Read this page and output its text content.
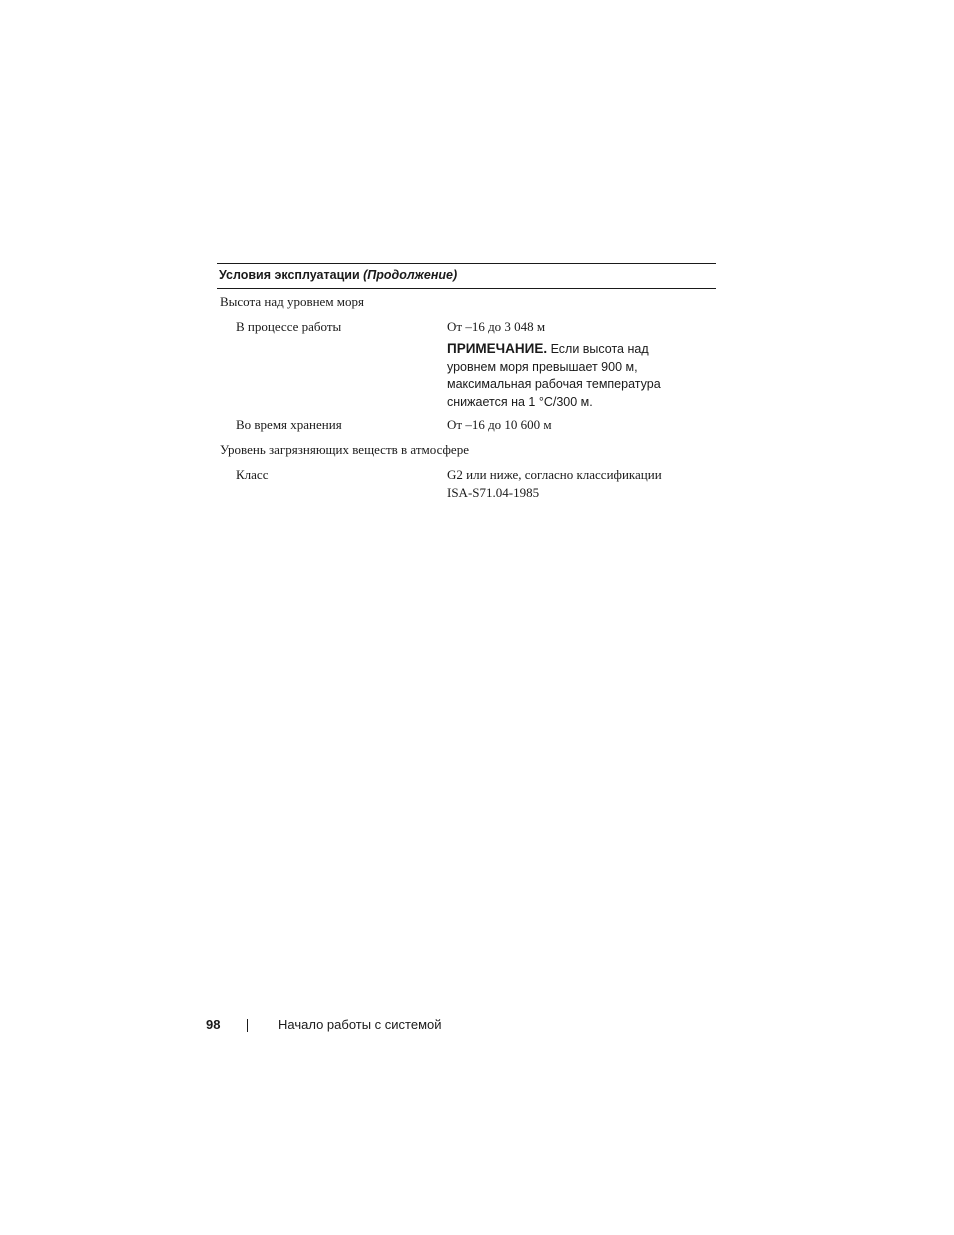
Условия эксплуатации (Продолжение)
Высота над уровнем моря
В процессе работы	От –16 до 3 048 м
ПРИМЕЧАНИЕ. Если высота над
уровнем моря превышает 900 м,
максимальная рабочая температура
снижается на 1 °C/300 м.
Во время хранения	От –16 до 10 600 м
Уровень загрязняющих веществ в атмосфере
Класс	G2 или ниже, согласно классификации
ISA-S71.04-1985
98	Начало работы с системой
